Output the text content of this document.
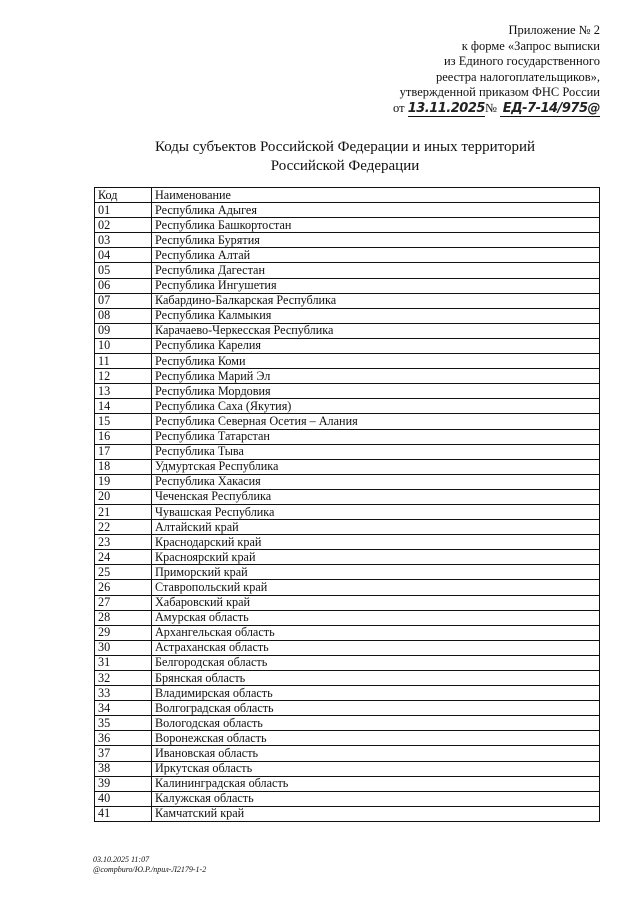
Приложение № 2
к форме «Запрос выписки
из Единого государственного
реестра налогоплательщиков»,
утвержденной приказом ФНС России
от 13.11.2025№ ЕД-7-14/975@
Коды субъектов Российской Федерации и иных территорий
Российской Федерации
Код	Наименование
01	Республика Адыгея
02	Республика Башкортостан
03	Республика Бурятия
04	Республика Алтай
05	Республика Дагестан
06	Республика Ингушетия
07	Кабардино-Балкарская Республика
08	Республика Калмыкия
09	Карачаево-Черкесская Республика
10	Республика Карелия
11	Республика Коми
12	Республика Марий Эл
13	Республика Мордовия
14	Республика Саха (Якутия)
15	Республика Северная Осетия – Алания
16	Республика Татарстан
17	Республика Тыва
18	Удмуртская Республика
19	Республика Хакасия
20	Чеченская Республика
21	Чувашская Республика
22	Алтайский край
23	Краснодарский край
24	Красноярский край
25	Приморский край
26	Ставропольский край
27	Хабаровский край
28	Амурская область
29	Архангельская область
30	Астраханская область
31	Белгородская область
32	Брянская область
33	Владимирская область
34	Волгоградская область
35	Вологодская область
36	Воронежская область
37	Ивановская область
38	Иркутская область
39	Калининградская область
40	Калужская область
41	Камчатский край
03.10.2025 11:07
@compburo/Ю.Р./прил-Л2179-1-2
